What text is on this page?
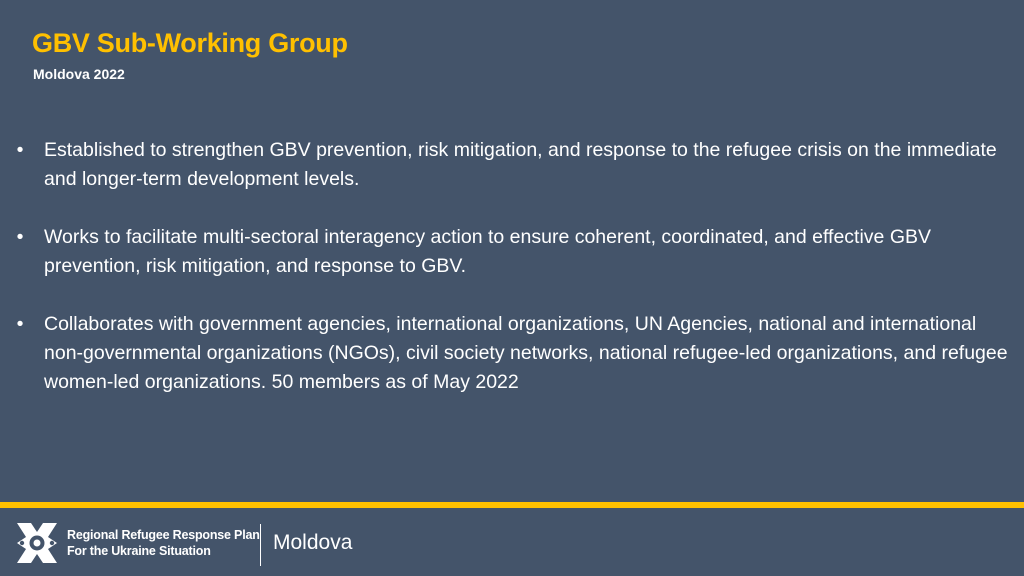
GBV Sub-Working Group
Moldova 2022
• Established to strengthen GBV prevention, risk mitigation, and response to the refugee crisis on the immediate and longer-term development levels.
• Works to facilitate multi-sectoral interagency action to ensure coherent, coordinated, and effective GBV prevention, risk mitigation, and response to GBV.
• Collaborates with government agencies, international organizations, UN Agencies, national and international non-governmental organizations (NGOs), civil society networks, national refugee-led organizations, and refugee women-led organizations. 50 members as of May 2022
Regional Refugee Response Plan
For the Ukraine Situation	Moldova
